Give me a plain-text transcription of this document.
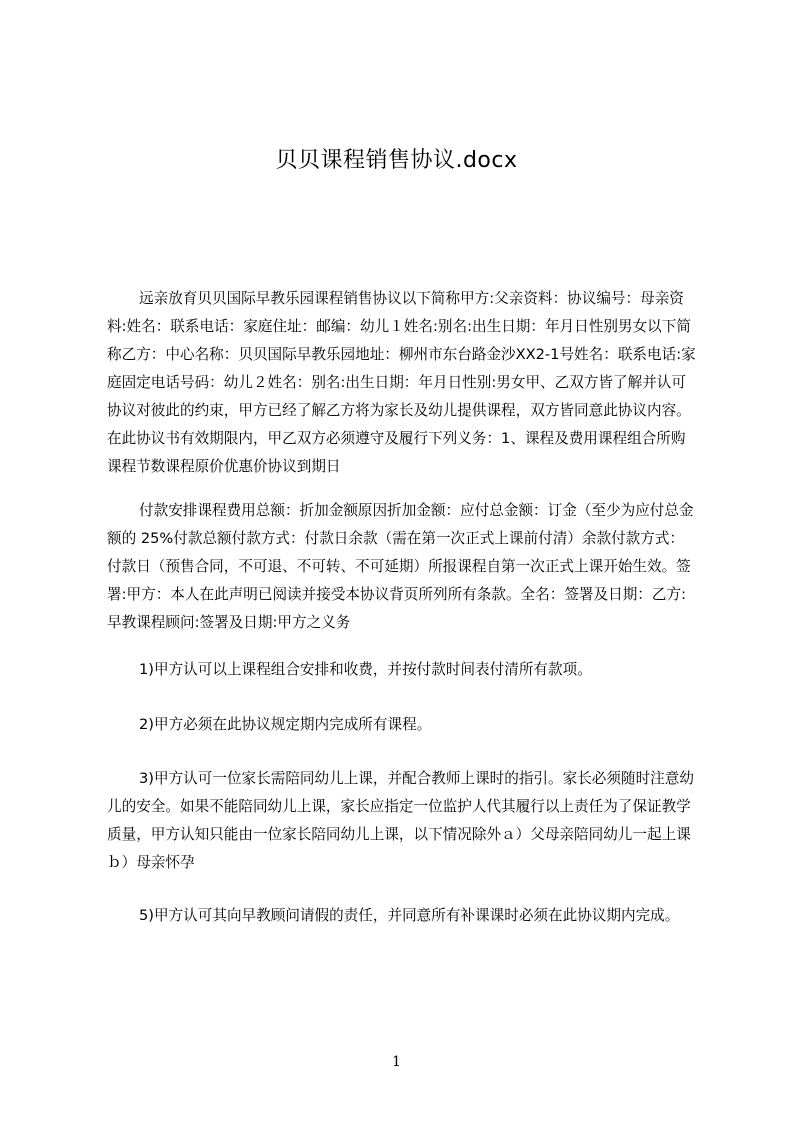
贝贝课程销售协议.docx
远亲放育贝贝国际早教乐园课程销售协议以下简称甲方:父亲资料：协议编号：母亲资料:姓名：联系电话：家庭住址：邮编：幼儿１姓名:别名:出生日期：年月日性别男女以下简称乙方：中心名称：贝贝国际早教乐园地址：柳州市东台路金沙XX2-1号姓名：联系电话:家庭固定电话号码：幼儿２姓名：别名:出生日期：年月日性别:男女甲、乙双方皆了解并认可协议对彼此的约束，甲方已经了解乙方将为家长及幼儿提供课程，双方皆同意此协议内容。在此协议书有效期限内，甲乙双方必须遵守及履行下列义务：1、课程及费用课程组合所购课程节数课程原价优惠价协议到期日
付款安排课程费用总额：折加金额原因折加金额：应付总金额：订金（至少为应付总金额的 25%付款总额付款方式：付款日余款（需在第一次正式上课前付清）余款付款方式：付款日（预售合同，不可退、不可转、不可延期）所报课程自第一次正式上课开始生效。签署:甲方：本人在此声明已阅读并接受本协议背页所列所有条款。全名：签署及日期：乙方:早教课程顾问:签署及日期:甲方之义务
1)甲方认可以上课程组合安排和收费，并按付款时间表付清所有款项。
2)甲方必须在此协议规定期内完成所有课程。
3)甲方认可一位家长需陪同幼儿上课，并配合教师上课时的指引。家长必须随时注意幼儿的安全。如果不能陪同幼儿上课，家长应指定一位监护人代其履行以上责任为了保证教学质量，甲方认知只能由一位家长陪同幼儿上课，以下情况除外ａ）父母亲陪同幼儿一起上课ｂ）母亲怀孕
5)甲方认可其向早教顾问请假的责任，并同意所有补课课时必须在此协议期内完成。
1
